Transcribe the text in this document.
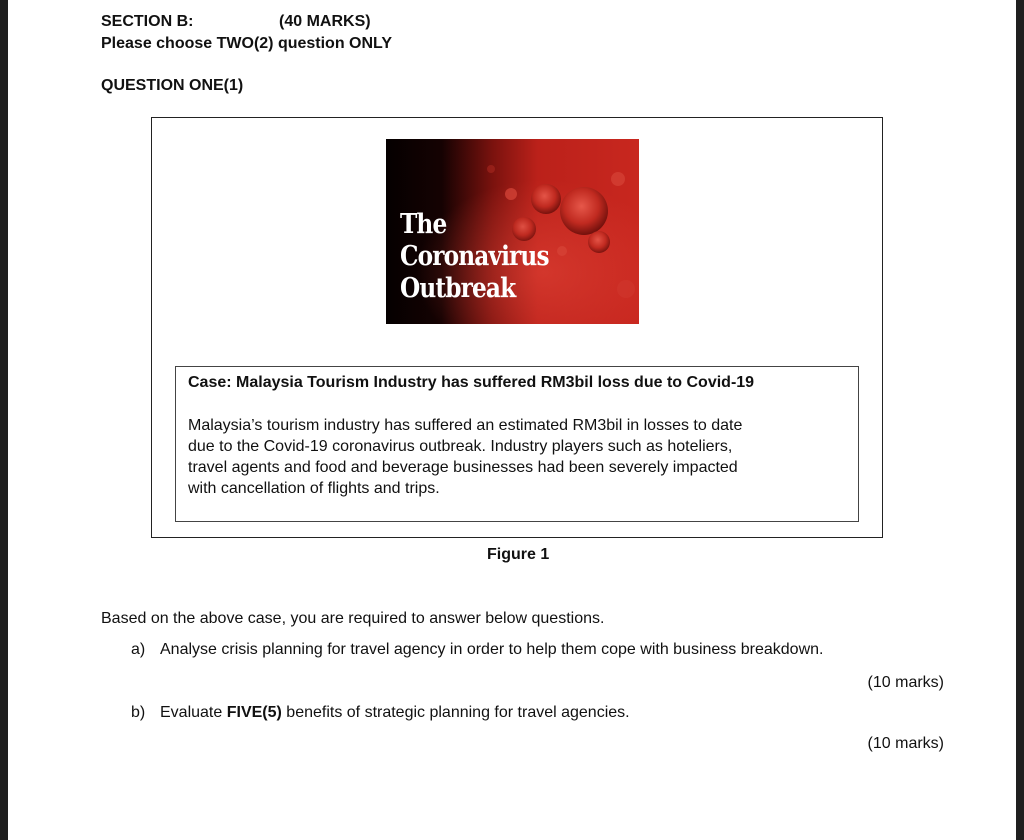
SECTION B:	(40 MARKS)
Please choose TWO(2) question ONLY
QUESTION ONE(1)
The
Coronavirus
Outbreak
Case: Malaysia Tourism Industry has suffered RM3bil loss due to Covid-19
Malaysia’s tourism industry has suffered an estimated RM3bil in losses to date
due to the Covid-19 coronavirus outbreak. Industry players such as hoteliers,
travel agents and food and beverage businesses had been severely impacted
with cancellation of flights and trips.
Figure 1
Based on the above case, you are required to answer below questions.
a) Analyse crisis planning for travel agency in order to help them cope with business breakdown.
(10 marks)
b) Evaluate FIVE(5) benefits of strategic planning for travel agencies.
(10 marks)
